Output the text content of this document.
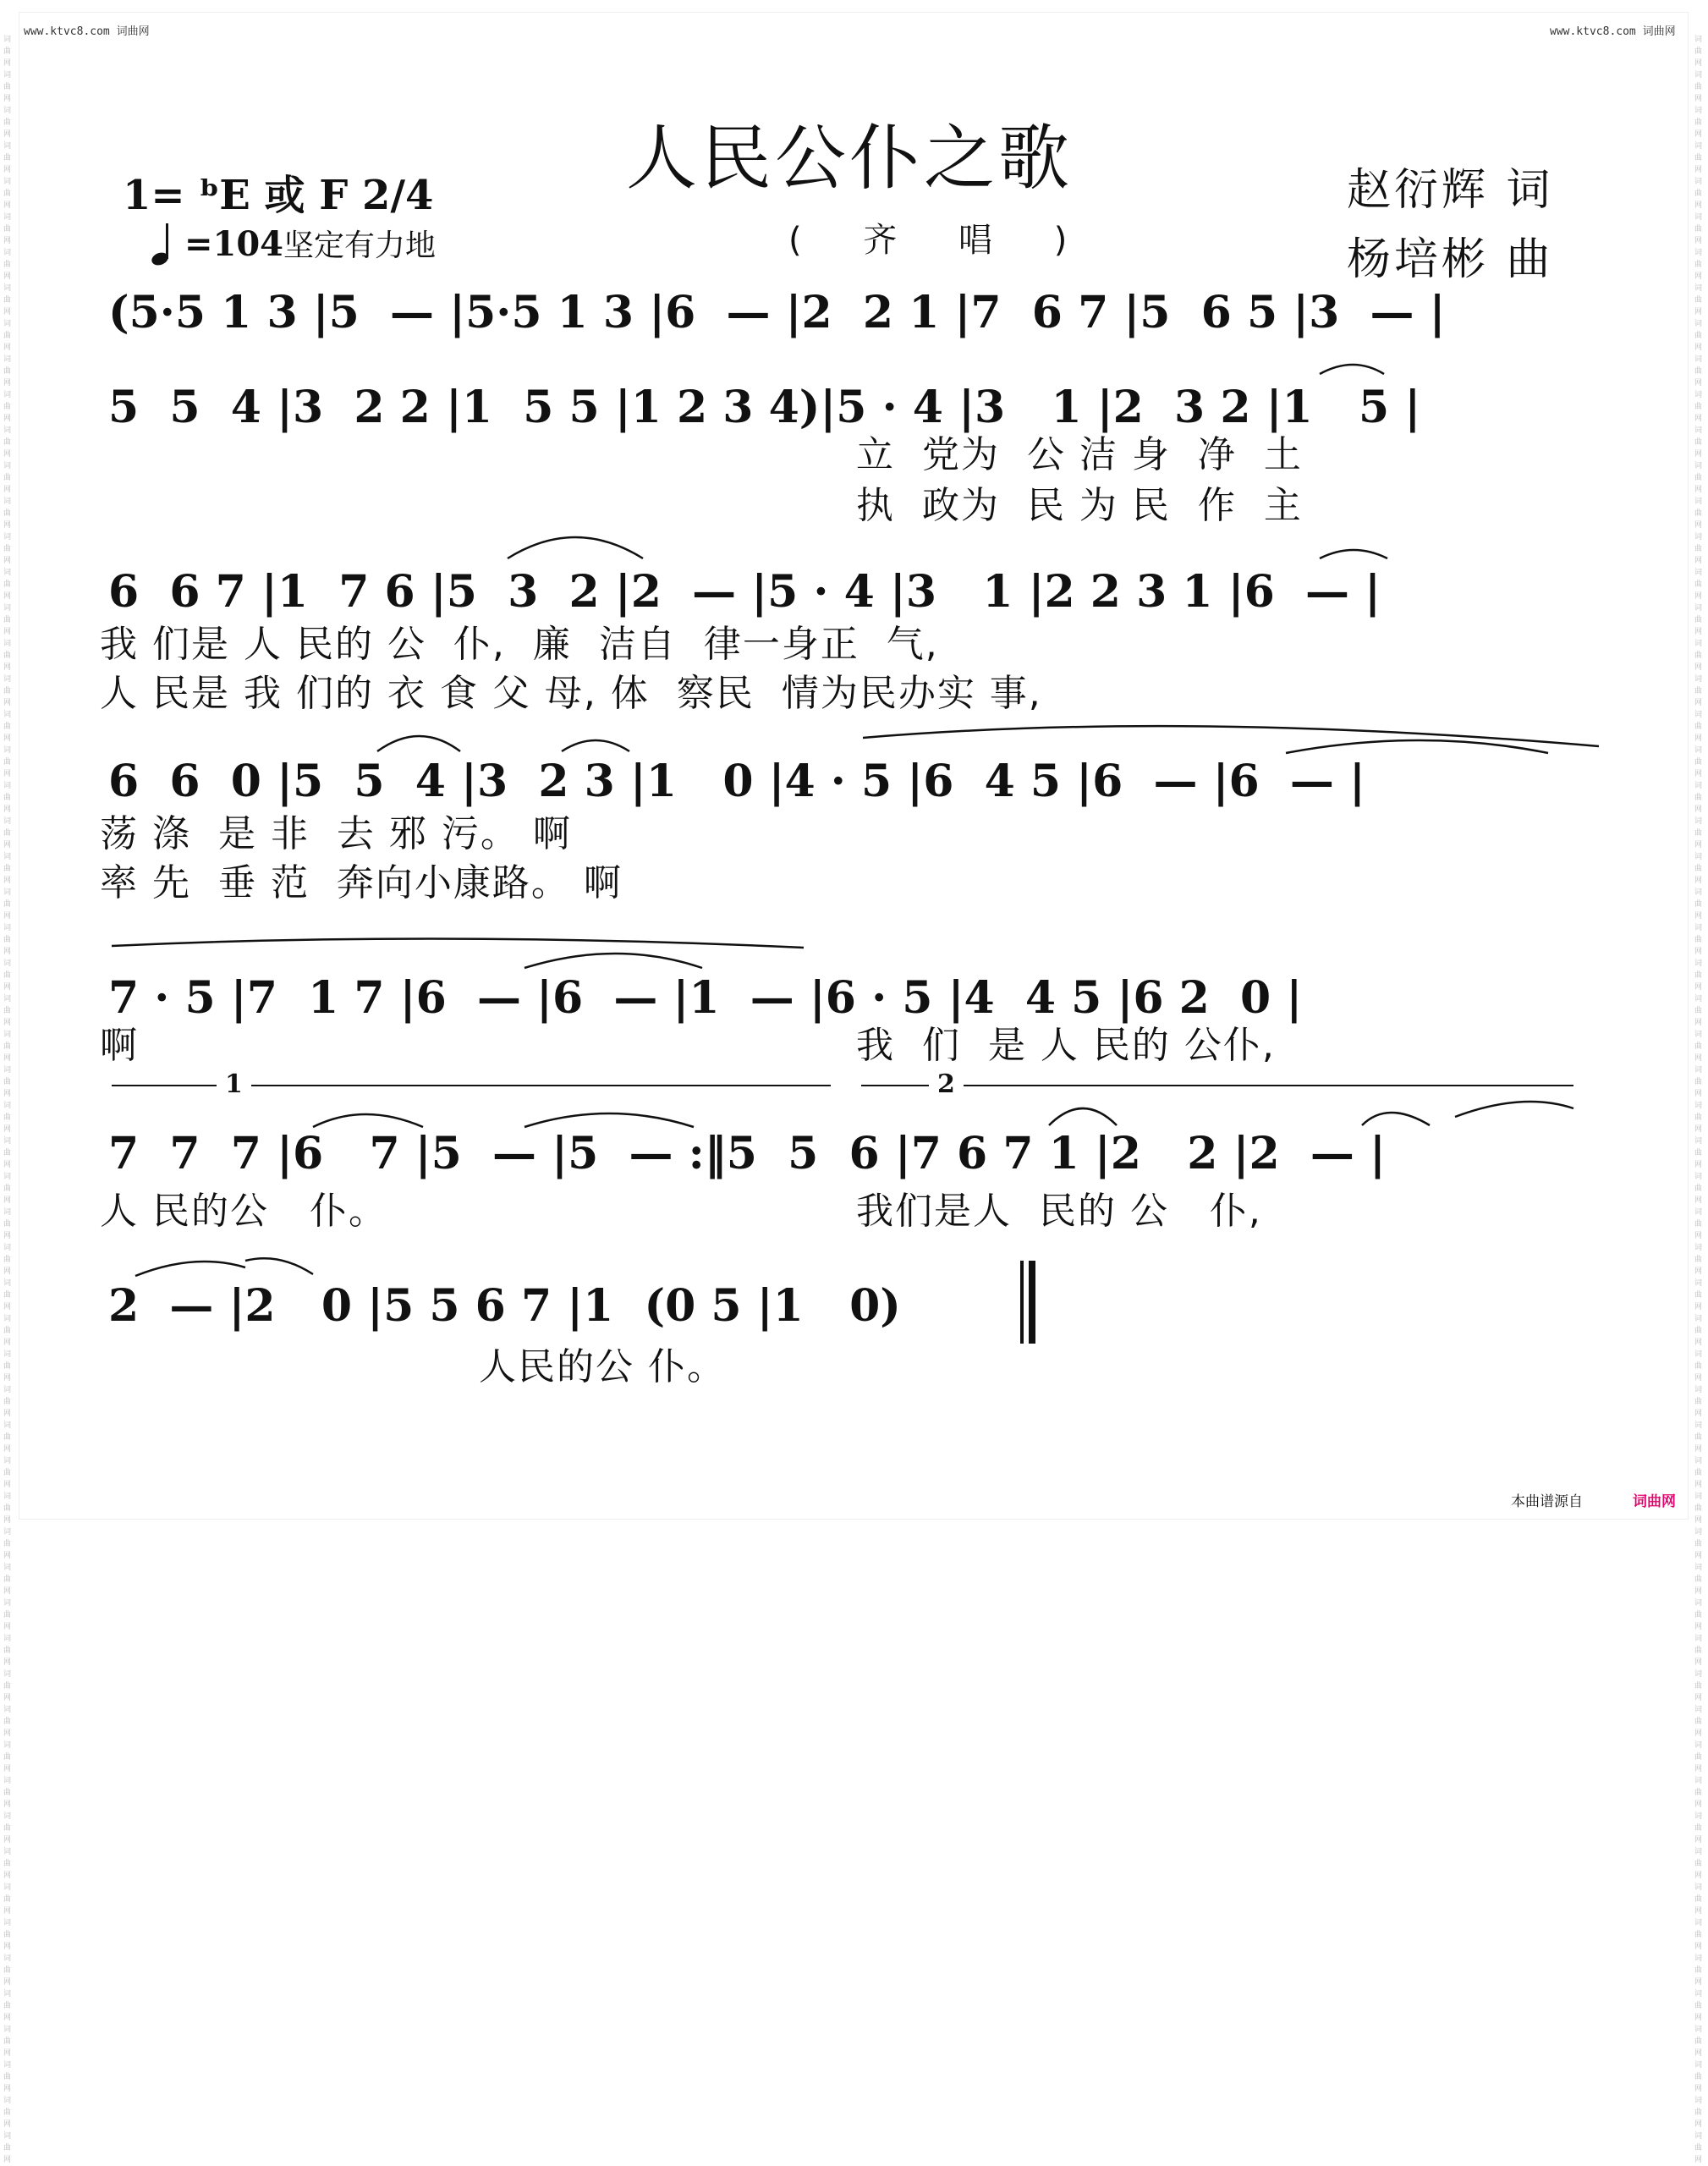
词曲网词曲网词曲网词曲网词曲网词曲网词曲网词曲网词曲网词曲网词曲网词曲网词曲网词曲网词曲网词曲网词曲网词曲网词曲网词曲网词曲网词曲网词曲网词曲网词曲网词曲网词曲网词曲网词曲网词曲网词曲网词曲网词曲网词曲网词曲网词曲网词曲网词曲网词曲网词曲网词曲网词曲网词曲网词曲网词曲网词曲网词曲网词曲网词曲网词曲网词曲网词曲网词曲网词曲网词曲网词曲网词曲网词曲网词曲网词曲网
词曲网词曲网词曲网词曲网词曲网词曲网词曲网词曲网词曲网词曲网词曲网词曲网词曲网词曲网词曲网词曲网词曲网词曲网词曲网词曲网词曲网词曲网词曲网词曲网词曲网词曲网词曲网词曲网词曲网词曲网词曲网词曲网词曲网词曲网词曲网词曲网词曲网词曲网词曲网词曲网词曲网词曲网词曲网词曲网词曲网词曲网词曲网词曲网词曲网词曲网词曲网词曲网词曲网词曲网词曲网词曲网词曲网词曲网词曲网词曲网
www.ktvc8.com 词曲网	www.ktvc8.com 词曲网
人民公仆之歌
( 齐 唱 )
1= ᵇE 或 F 2/4
=104坚定有力地
赵衍辉 词
杨培彬 曲
(5·5 1 3 |5  — |5·5 1 3 |6  — |2  2 1 |7  6 7 |5  6 5 |3  — |
5  5  4 |3  2 2 |1  5 5 |1 2 3 4)|5 · 4 |3   1 |2  3 2 |1   5 |
6  6 7 |1  7 6 |5  3  2 |2  — |5 · 4 |3   1 |2 2 3 1 |6  — |
6  6  0 |5  5  4 |3  2 3 |1   0 |4 · 5 |6  4 5 |6  — |6  — |
7 · 5 |7  1 7 |6  — |6  — |1  — |6 · 5 |4  4 5 |6 2  0 |
7  7  7 |6   7 |5  — |5  — :‖5  5  6 |7 6 7 1 |2   2 |2  — |
2  — |2   0 |5 5 6 7 |1  (0 5 |1   0)
立  党为  公 洁 身  净  土
执  政为  民 为 民  作  主
我 们是 人 民的 公  仆,  廉  洁自  律一身正  气,
人 民是 我 们的 衣 食 父 母, 体  察民  情为民办实 事,
荡 涤  是 非  去 邪 污。 啊
率 先  垂 范  奔向小康路。 啊
啊	我  们  是 人 民的 公仆,
人 民的公   仆。	我们是人  民的 公   仆,
人民的公 仆。
1	2
本曲谱源自	词曲网
